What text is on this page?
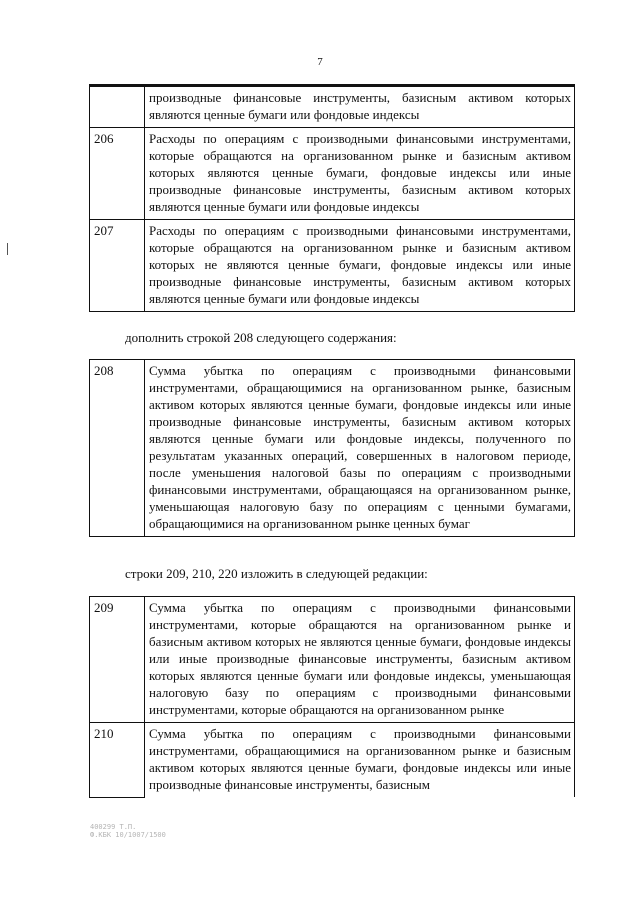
7
	производные финансовые инструменты, базисным активом которых являются ценные бумаги или фондовые индексы
206	Расходы по операциям с производными финансовыми инструментами, которые обращаются на организованном рынке и базисным активом которых являются ценные бумаги, фондовые индексы или иные производные финансовые инструменты, базисным активом которых являются ценные бумаги или фондовые индексы
207	Расходы по операциям с производными финансовыми инструментами, которые обращаются на организованном рынке и базисным активом которых не являются ценные бумаги, фондовые индексы или иные производные финансовые инструменты, базисным активом которых являются ценные бумаги или фондовые индексы
дополнить строкой 208 следующего содержания:
208	Сумма убытка по операциям с производными финансовыми инструментами, обращающимися на организованном рынке, базисным активом которых являются ценные бумаги, фондовые индексы или иные производные финансовые инструменты, базисным активом которых являются ценные бумаги или фондовые индексы, полученного по результатам указанных операций, совершенных в налоговом периоде, после уменьшения налоговой базы по операциям с производными финансовыми инструментами, обращающаяся на организованном рынке, уменьшающая налоговую базу по операциям с ценными бумагами, обращающимися на организованном рынке ценных бумаг
строки 209, 210, 220 изложить в следующей редакции:
209	Сумма убытка по операциям с производными финансовыми инструментами, которые обращаются на организованном рынке и базисным активом которых не являются ценные бумаги, фондовые индексы или иные производные финансовые инструменты, базисным активом которых являются ценные бумаги или фондовые индексы, уменьшающая налоговую базу по операциям с производными финансовыми инструментами, которые обращаются на организованном рынке
210	Сумма убытка по операциям с производными финансовыми инструментами, обращающимися на организованном рынке и базисным активом которых являются ценные бумаги, фондовые индексы или иные производные финансовые инструменты, базисным
400299 Т.П.
Ф.КБК 10/1007/1500
